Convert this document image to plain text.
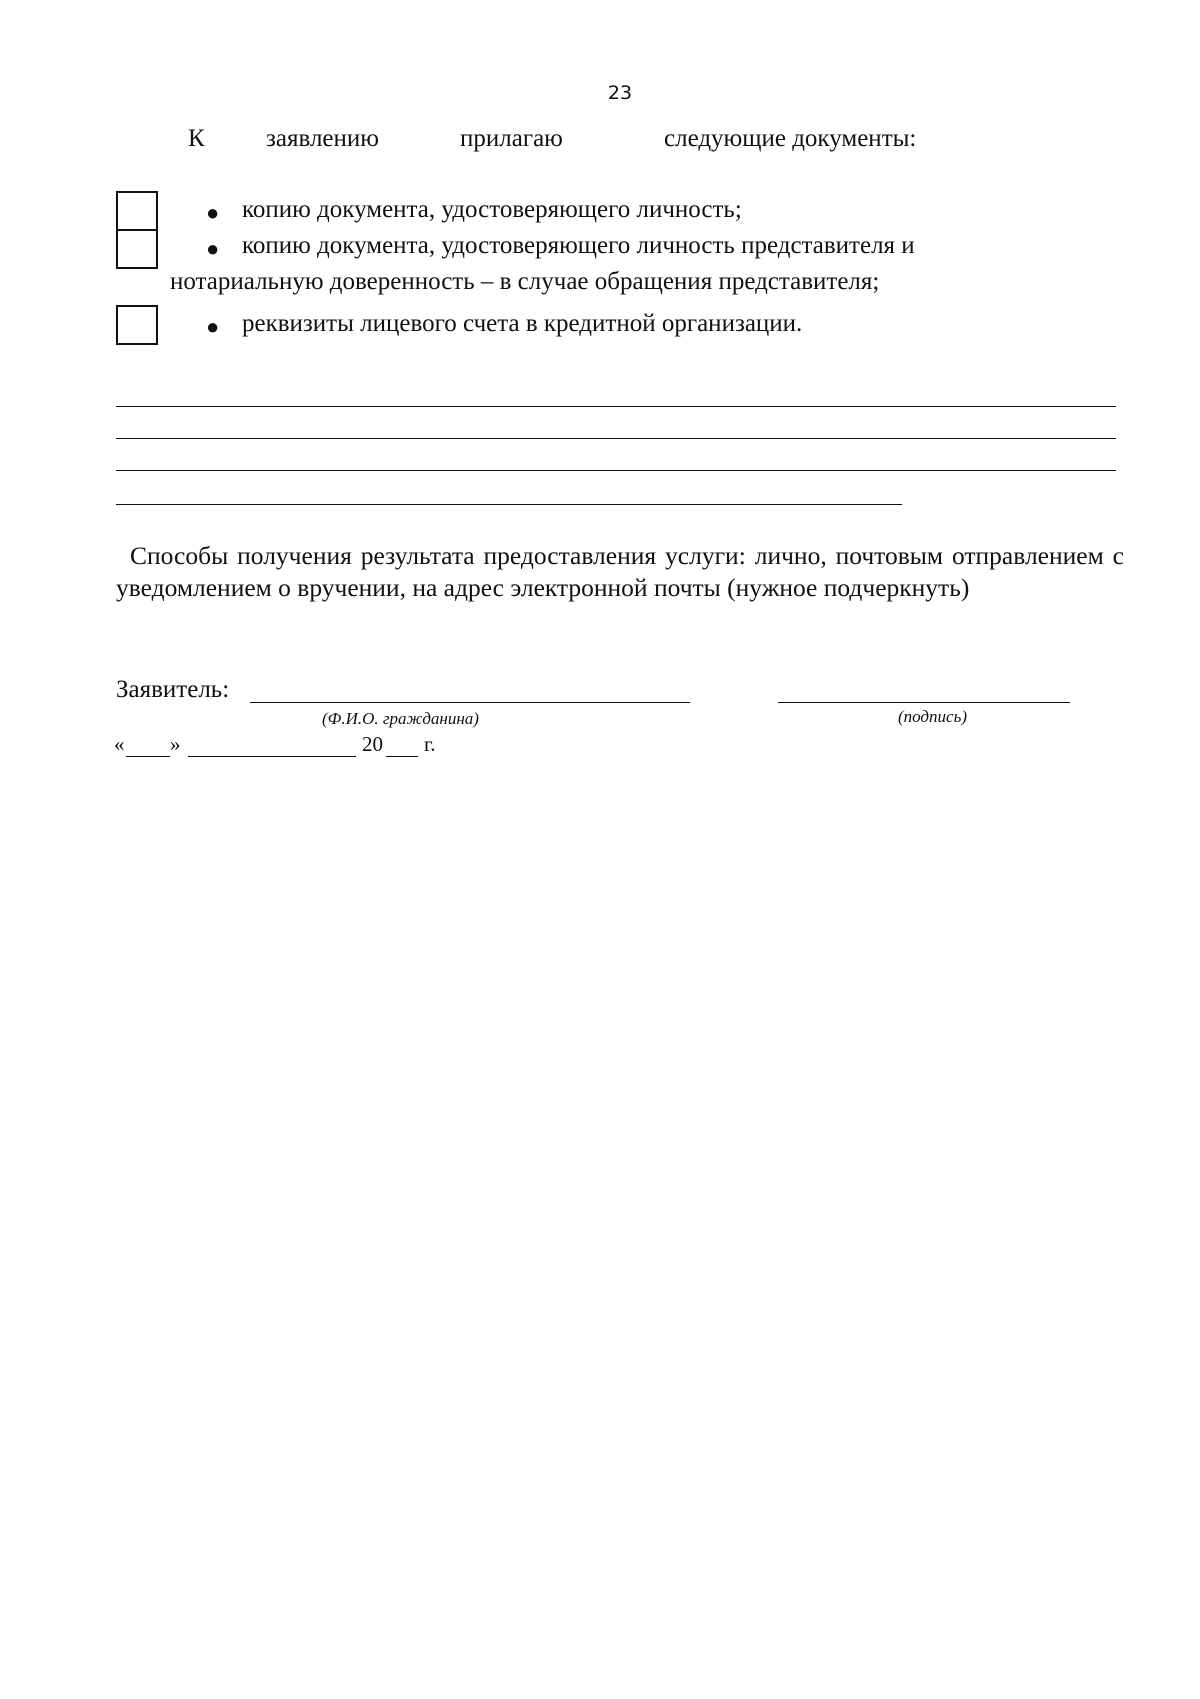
23
К заявлению	прилагаю	следующие документы:
● копию документа, удостоверяющего личность;
● копию документа, удостоверяющего личность представителя и
нотариальную доверенность – в случае обращения представителя;
● реквизиты лицевого счета в кредитной организации.
Способы получения результата предоставления услуги: лично, почтовым отправлением с уведомлением о вручении, на адрес электронной почты (нужное подчеркнуть)
Заявитель:
(Ф.И.О. гражданина)	(подпись)
« »	20 г.
